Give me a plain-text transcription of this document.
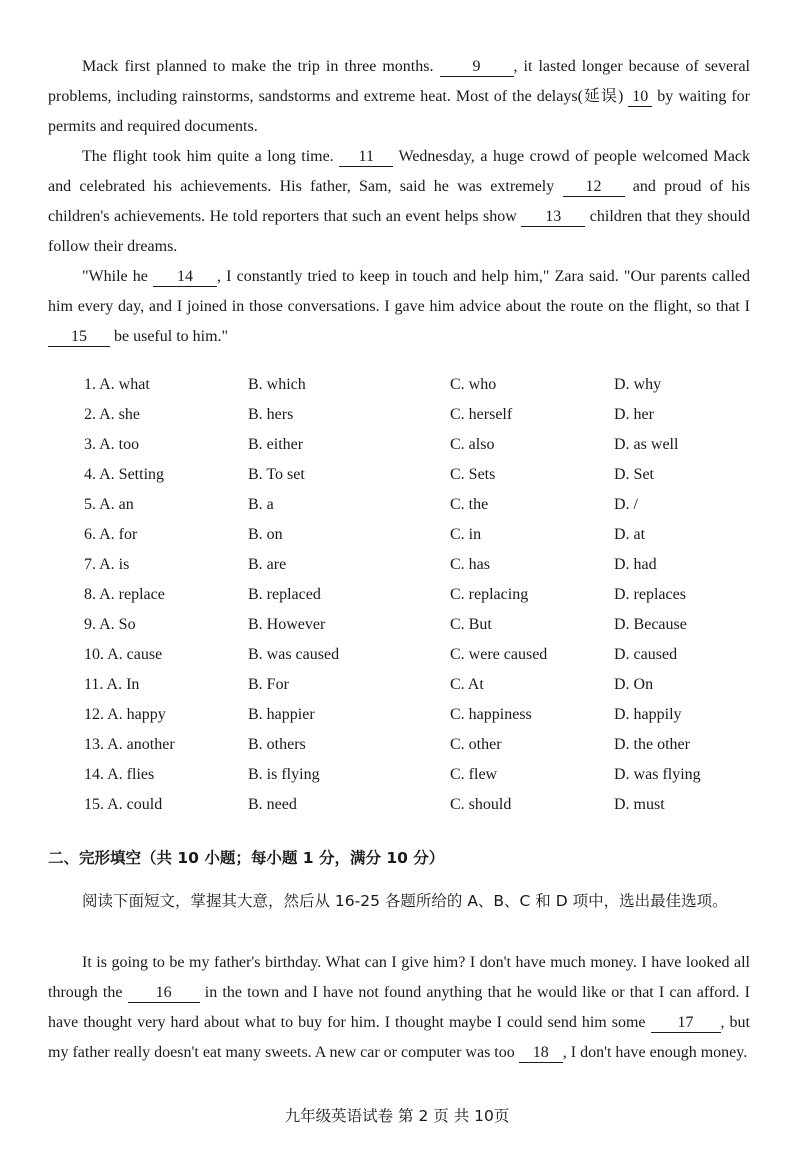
Mack first planned to make the trip in three months. 9 , it lasted longer because of several problems, including rainstorms, sandstorms and extreme heat. Most of the delays(延误) 10 by waiting for permits and required documents.

The flight took him quite a long time. 11 Wednesday, a huge crowd of people welcomed Mack and celebrated his achievements. His father, Sam, said he was extremely 12 and proud of his children's achievements. He told reporters that such an event helps show 13 children that they should follow their dreams.

"While he 14 , I constantly tried to keep in touch and help him," Zara said. "Our parents called him every day, and I joined in those conversations. I gave him advice about the route on the flight, so that I 15 be useful to him."

1. A. what	B. which	C. who	D. why
2. A. she	B. hers	C. herself	D. her
3. A. too	B. either	C. also	D. as well
4. A. Setting	B. To set	C. Sets	D. Set
5. A. an	B. a	C. the	D. /
6. A. for	B. on	C. in	D. at
7. A. is	B. are	C. has	D. had
8. A. replace	B. replaced	C. replacing	D. replaces
9. A. So	B. However	C. But	D. Because
10. A. cause	B. was caused	C. were caused	D. caused
11. A. In	B. For	C. At	D. On
12. A. happy	B. happier	C. happiness	D. happily
13. A. another	B. others	C. other	D. the other
14. A. flies	B. is flying	C. flew	D. was flying
15. A. could	B. need	C. should	D. must

二、完形填空（共 10 小题；每小题 1 分，满分 10 分）

阅读下面短文，掌握其大意，然后从 16-25 各题所给的 A、B、C 和 D 项中，选出最佳选项。

It is going to be my father's birthday. What can I give him? I don't have much money. I have looked all through the 16 in the town and I have not found anything that he would like or that I can afford. I have thought very hard about what to buy for him. I thought maybe I could send him some 17 , but my father really doesn't eat many sweets. A new car or computer was too 18 , I don't have enough money.

九年级英语试卷 第 2 页 共 10页
